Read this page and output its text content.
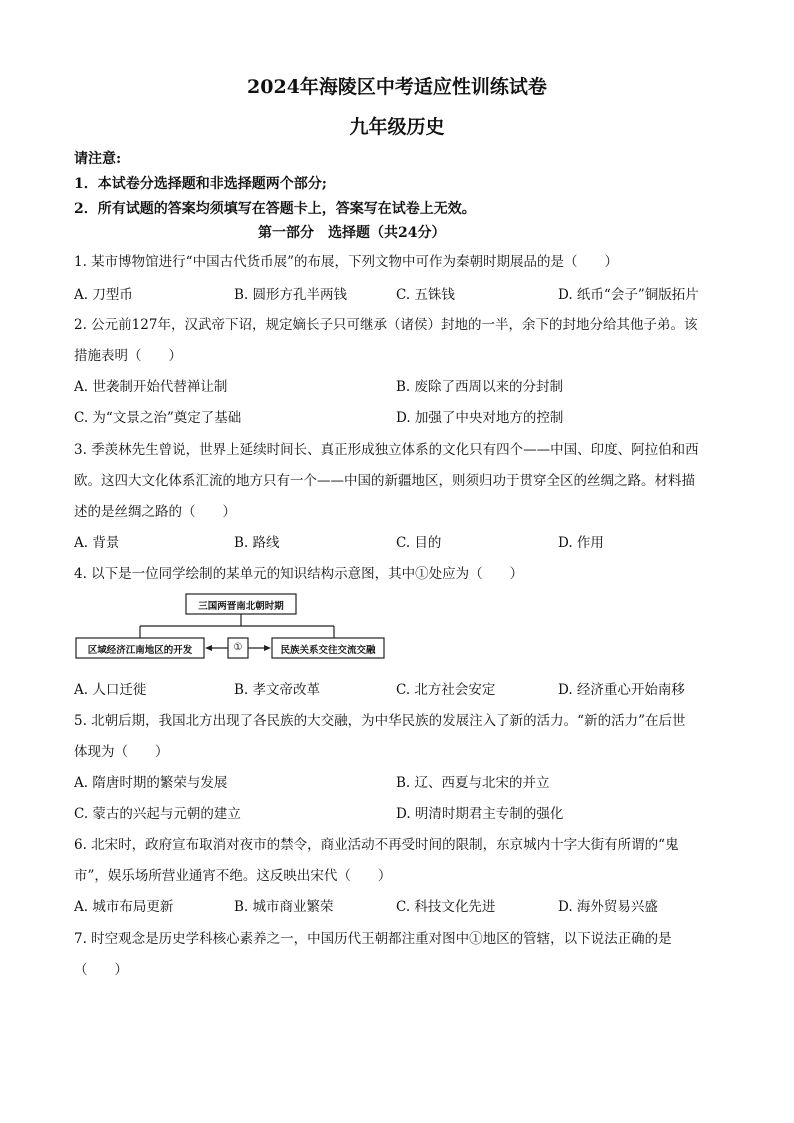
2024年海陵区中考适应性训练试卷
九年级历史
请注意:
1．本试卷分选择题和非选择题两个部分;
2．所有试题的答案均须填写在答题卡上，答案写在试卷上无效。
第一部分　选择题（共24分）
1. 某市博物馆进行“中国古代货币展”的布展，下列文物中可作为秦朝时期展品的是（　　）
A. 刀型币	B. 圆形方孔半两钱	C. 五铢钱	D. 纸币“会子”铜版拓片
2. 公元前127年，汉武帝下诏，规定嫡长子只可继承（诸侯）封地的一半，余下的封地分给其他子弟。该
措施表明（　　）
A. 世袭制开始代替禅让制	B. 废除了西周以来的分封制
C. 为“文景之治”奠定了基础	D. 加强了中央对地方的控制
3. 季羡林先生曾说，世界上延续时间长、真正形成独立体系的文化只有四个——中国、印度、阿拉伯和西
欧。这四大文化体系汇流的地方只有一个——中国的新疆地区，则须归功于贯穿全区的丝绸之路。材料描
述的是丝绸之路的（　　）
A. 背景	B. 路线	C. 目的	D. 作用
4. 以下是一位同学绘制的某单元的知识结构示意图，其中①处应为（　　）
三国两晋南北朝时期
区域经济江南地区的开发	①	民族关系交往交流交融
A. 人口迁徙	B. 孝文帝改革	C. 北方社会安定	D. 经济重心开始南移
5. 北朝后期，我国北方出现了各民族的大交融，为中华民族的发展注入了新的活力。“新的活力”在后世
体现为（　　）
A. 隋唐时期的繁荣与发展	B. 辽、西夏与北宋的并立
C. 蒙古的兴起与元朝的建立	D. 明清时期君主专制的强化
6. 北宋时，政府宣布取消对夜市的禁令，商业活动不再受时间的限制，东京城内十字大街有所谓的“鬼
市”，娱乐场所营业通宵不绝。这反映出宋代（　　）
A. 城市布局更新	B. 城市商业繁荣	C. 科技文化先进	D. 海外贸易兴盛
7. 时空观念是历史学科核心素养之一，中国历代王朝都注重对图中①地区的管辖，以下说法正确的是
（　　）
